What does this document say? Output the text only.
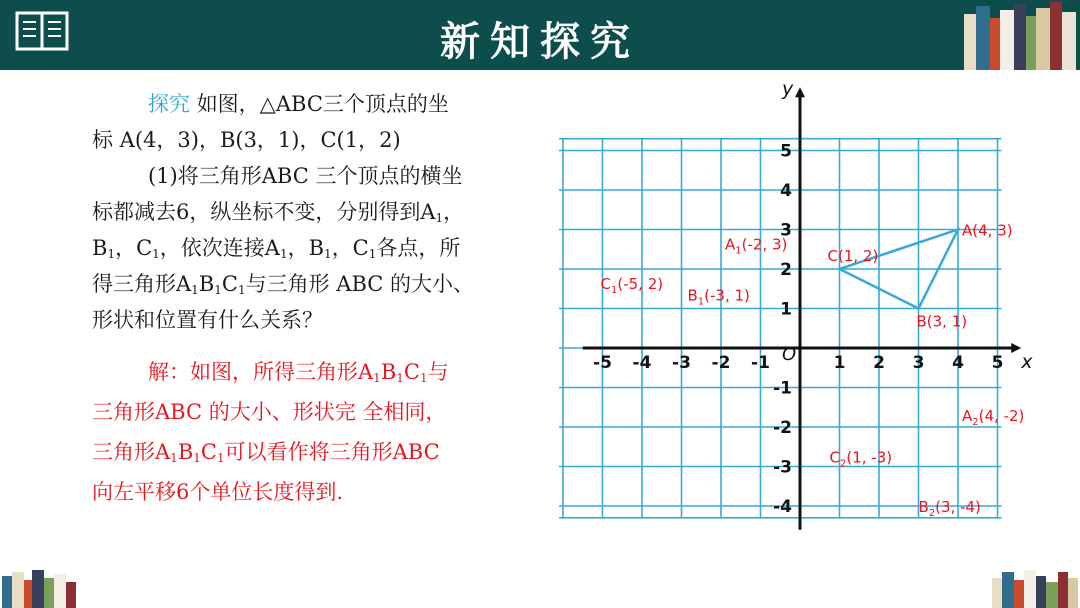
新知探究

探究 如图，△ABC三个顶点的坐

标 A(4，3)，B(3，1)，C(1，2)

(1)将三角形ABC 三个顶点的横坐

标都减去6，纵坐标不变，分别得到$A_1$，

$B_1$，$C_1$，依次连接$A_1$，$B_1$，$C_1$各点，所

得三角形$A_1B_1C_1$与三角形 ABC 的大小、

形状和位置有什么关系？

解：如图，所得三角形$A_1B_1C_1$与

三角形ABC 的大小、形状完 全相同，

三角形$A_1B_1C_1$可以看作将三角形ABC

向左平移6个单位长度得到.

x
y
O
-5 -4 -3 -2 -1	1 2 3 4 5
5
4
3
2
1
-1
-2
-3
-4
A(4, 3)
B(3, 1)
C(1, 2)
$A_1(-2$, 3)
$B_1(-3$, 1)
$C_1(-5$, 2)
$A_2(4$, -2)
$B_2(3$, -4)
$C_2(1$, -3)
